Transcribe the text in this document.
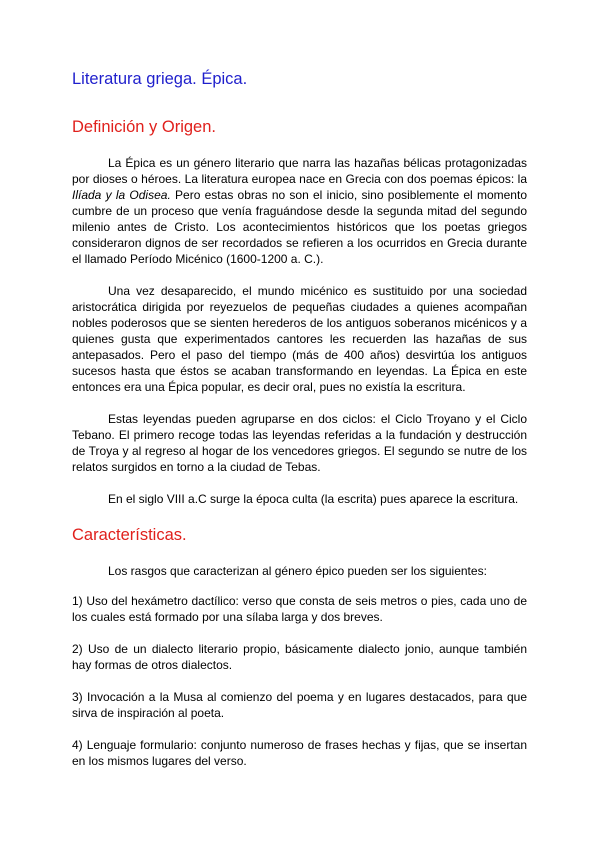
Literatura griega. Épica.
Definición y Origen.

La Épica es un género literario que narra las hazañas bélicas protagonizadas por dioses o héroes. La literatura europea nace en Grecia con dos poemas épicos: la Ilíada y la Odisea. Pero estas obras no son el inicio, sino posiblemente el momento cumbre de un proceso que venía fraguándose desde la segunda mitad del segundo milenio antes de Cristo. Los acontecimientos históricos que los poetas griegos consideraron dignos de ser recordados se refieren a los ocurridos en Grecia durante el llamado Período Micénico (1600-1200 a. C.).

Una vez desaparecido, el mundo micénico es sustituido por una sociedad aristocrática dirigida por reyezuelos de pequeñas ciudades a quienes acompañan nobles poderosos que se sienten herederos de los antiguos soberanos micénicos y a quienes gusta que experimentados cantores les recuerden las hazañas de sus antepasados. Pero el paso del tiempo (más de 400 años) desvirtúa los antiguos sucesos hasta que éstos se acaban transformando en leyendas. La Épica en este entonces era una Épica popular, es decir oral, pues no existía la escritura.

Estas leyendas pueden agruparse en dos ciclos: el Ciclo Troyano y el Ciclo Tebano. El primero recoge todas las leyendas referidas a la fundación y destrucción de Troya y al regreso al hogar de los vencedores griegos. El segundo se nutre de los relatos surgidos en torno a la ciudad de Tebas.

En el siglo VIII a.C surge la época culta (la escrita) pues aparece la escritura.

Características.

Los rasgos que caracterizan al género épico pueden ser los siguientes:

1) Uso del hexámetro dactílico: verso que consta de seis metros o pies, cada uno de los cuales está formado por una sílaba larga y dos breves.

2) Uso de un dialecto literario propio, básicamente dialecto jonio, aunque también hay formas de otros dialectos.

3) Invocación a la Musa al comienzo del poema y en lugares destacados, para que sirva de inspiración al poeta.

4) Lenguaje formulario: conjunto numeroso de frases hechas y fijas, que se insertan en los mismos lugares del verso.
